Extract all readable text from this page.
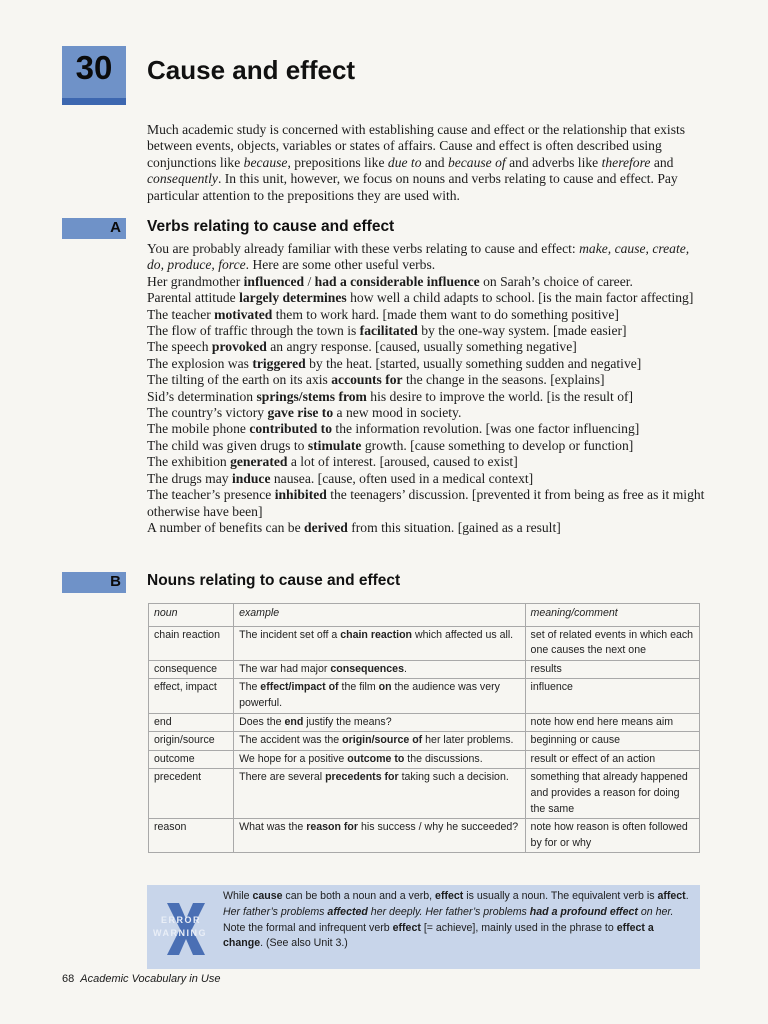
30	Cause and effect

Much academic study is concerned with establishing cause and effect or the relationship that exists between events, objects, variables or states of affairs. Cause and effect is often described using conjunctions like because, prepositions like due to and because of and adverbs like therefore and consequently. In this unit, however, we focus on nouns and verbs relating to cause and effect. Pay particular attention to the prepositions they are used with.

A Verbs relating to cause and effect

You are probably already familiar with these verbs relating to cause and effect: make, cause, create, do, produce, force. Here are some other useful verbs.

Her grandmother influenced / had a considerable influence on Sarah’s choice of career.

Parental attitude largely determines how well a child adapts to school. [is the main factor affecting]

The teacher motivated them to work hard. [made them want to do something positive]

The flow of traffic through the town is facilitated by the one-way system. [made easier]

The speech provoked an angry response. [caused, usually something negative]

The explosion was triggered by the heat. [started, usually something sudden and negative]

The tilting of the earth on its axis accounts for the change in the seasons. [explains]

Sid’s determination springs/stems from his desire to improve the world. [is the result of]

The country’s victory gave rise to a new mood in society.

The mobile phone contributed to the information revolution. [was one factor influencing]

The child was given drugs to stimulate growth. [cause something to develop or function]

The exhibition generated a lot of interest. [aroused, caused to exist]

The drugs may induce nausea. [cause, often used in a medical context]

The teacher’s presence inhibited the teenagers’ discussion. [prevented it from being as free as it might otherwise have been]

A number of benefits can be derived from this situation. [gained as a result]

B Nouns relating to cause and effect
noun	example	meaning/comment
chain reaction	The incident set off a chain reaction which affected us all.	set of related events in which each one causes the next one
consequence	The war had major consequences.	results
effect, impact	The effect/impact of the film on the audience was very powerful.	influence
end	Does the end justify the means?	note how end here means aim
origin/source	The accident was the origin/source of her later problems.	beginning or cause
outcome	We hope for a positive outcome to the discussions.	result or effect of an action
precedent	There are several precedents for taking such a decision.	something that already happened and provides a reason for doing the same
reason	What was the reason for his success / why he succeeded?	note how reason is often followed by for or why
ERROR
WARNING
While cause can be both a noun and a verb, effect is usually a noun. The equivalent verb is affect. Her father’s problems affected her deeply. Her father’s problems had a profound effect on her. Note the formal and infrequent verb effect [= achieve], mainly used in the phrase to effect a change. (See also Unit 3.)
68 Academic Vocabulary in Use
